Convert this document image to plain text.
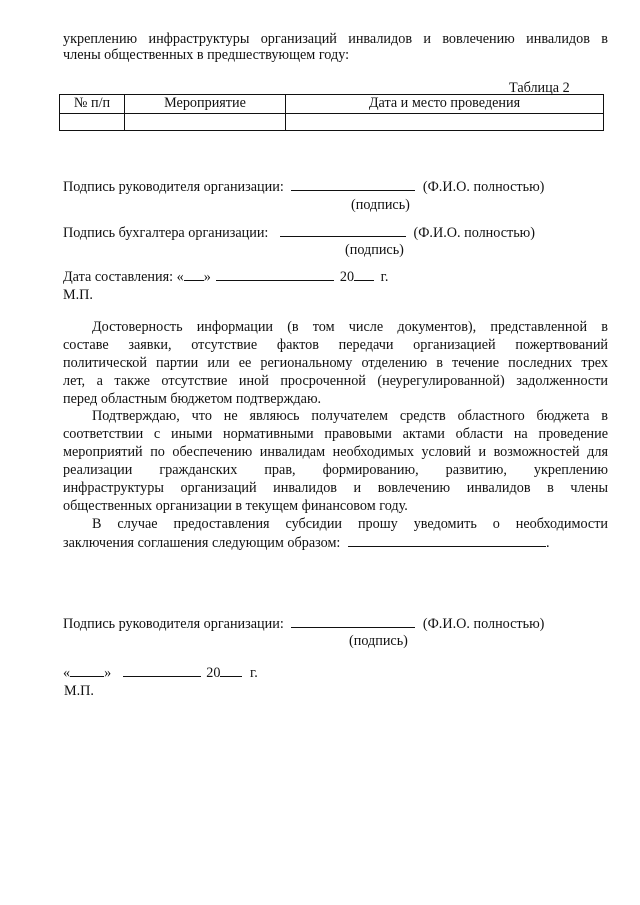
укреплению инфраструктуры организаций инвалидов и вовлечению инвалидов в
члены общественных в предшествующем году:
Таблица 2
№ п/п	Мероприятие	Дата и место проведения

Подпись руководителя организации:	(Ф.И.О. полностью)
(подпись)
Подпись бухгалтера организации:	(Ф.И.О. полностью)
(подпись)
Дата составления: « »	20 г.
М.П.
Достоверность информации (в том числе документов), представленной в
составе заявки, отсутствие фактов передачи организацией пожертвований
политической партии или ее региональному отделению в течение последних трех
лет, а также отсутствие иной просроченной (неурегулированной) задолженности
перед областным бюджетом подтверждаю.
Подтверждаю, что не являюсь получателем средств областного бюджета в
соответствии с иными нормативными правовыми актами области на проведение
мероприятий по обеспечению инвалидам необходимых условий и возможностей для
реализации гражданских прав, формированию, развитию, укреплению
инфраструктуры организаций инвалидов и вовлечению инвалидов в члены
общественных организации в текущем финансовом году.
В случае предоставления субсидии прошу уведомить о необходимости
заключения соглашения следующим образом:	.
Подпись руководителя организации:	(Ф.И.О. полностью)
(подпись)
« »	20 г.
М.П.
